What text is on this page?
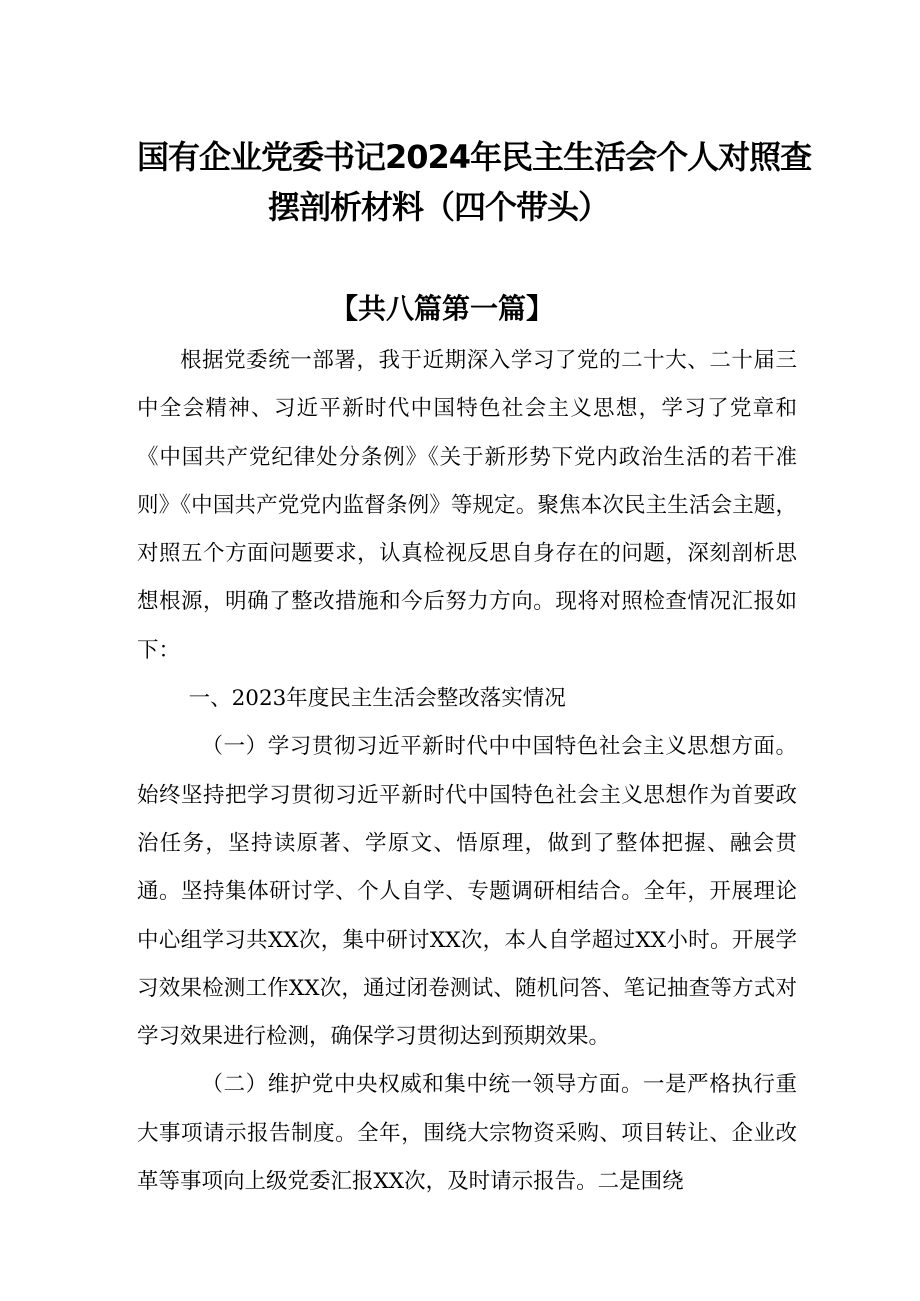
国有企业党委书记2024年民主生活会个人对照查
摆剖析材料（四个带头）
【共八篇第一篇】

根据党委统一部署，我于近期深入学习了党的二十大、二十届三中全会精神、习近平新时代中国特色社会主义思想，学习了党章和《中国共产党纪律处分条例》《关于新形势下党内政治生活的若干准则》《中国共产党党内监督条例》等规定。聚焦本次民主生活会主题，对照五个方面问题要求，认真检视反思自身存在的问题，深刻剖析思想根源，明确了整改措施和今后努力方向。现将对照检查情况汇报如下：

一、2023年度民主生活会整改落实情况

（一）学习贯彻习近平新时代中中国特色社会主义思想方面。始终坚持把学习贯彻习近平新时代中国特色社会主义思想作为首要政治任务，坚持读原著、学原文、悟原理，做到了整体把握、融会贯通。坚持集体研讨学、个人自学、专题调研相结合。全年，开展理论中心组学习共XX次，集中研讨XX次，本人自学超过XX小时。开展学习效果检测工作XX次，通过闭卷测试、随机问答、笔记抽查等方式对学习效果进行检测，确保学习贯彻达到预期效果。

（二）维护党中央权威和集中统一领导方面。一是严格执行重大事项请示报告制度。全年，围绕大宗物资采购、项目转让、企业改革等事项向上级党委汇报XX次，及时请示报告。二是围绕
